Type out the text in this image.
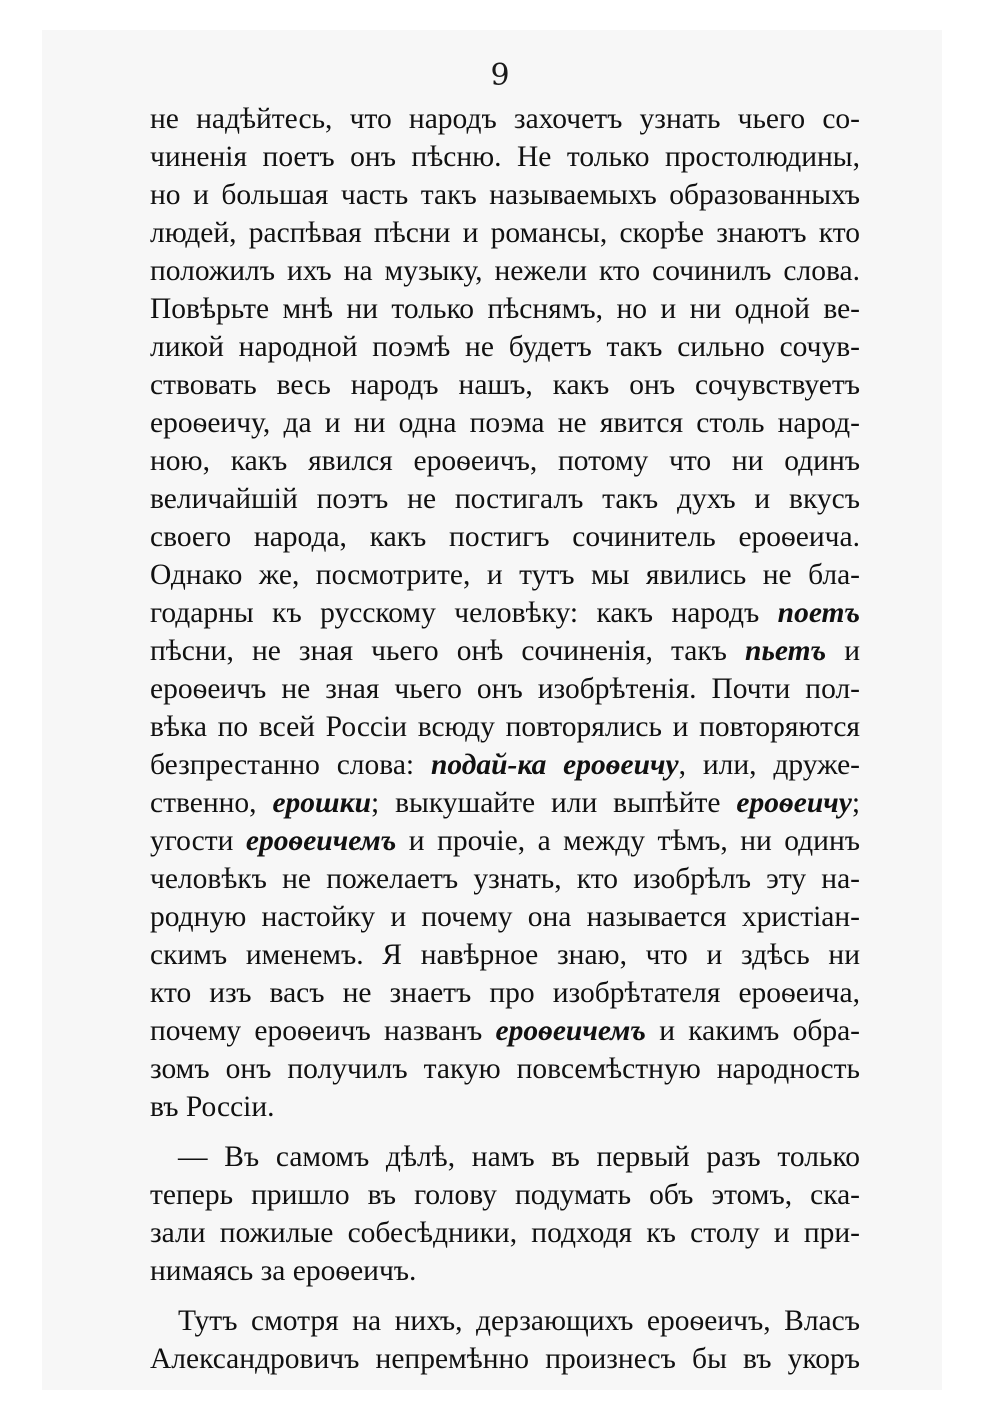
9
не надѣйтесь, что народъ захочетъ узнать чьего со-
чиненія поетъ онъ пѣсню. Не только простолюдины,
но и большая часть такъ называемыхъ образованныхъ
людей, распѣвая пѣсни и романсы, скорѣе знаютъ кто
положилъ ихъ на музыку, нежели кто сочинилъ слова.
Повѣрьте мнѣ ни только пѣснямъ, но и ни одной ве-
ликой народной поэмѣ не будетъ такъ сильно сочув-
ствовать весь народъ нашъ, какъ онъ сочувствуетъ
ероѳеичу, да и ни одна поэма не явится столь народ-
ною, какъ явился ероѳеичъ, потому что ни одинъ
величайшій поэтъ не постигалъ такъ духъ и вкусъ
своего народа, какъ постигъ сочинитель ероѳеича.
Однако же, посмотрите, и тутъ мы явились не бла-
годарны къ русскому человѣку: какъ народъ поетъ
пѣсни, не зная чьего онѣ сочиненія, такъ пьетъ и
ероѳеичъ не зная чьего онъ изобрѣтенія. Почти пол-
вѣка по всей Россіи всюду повторялись и повторяются
безпрестанно слова: подай-ка ероѳеичу, или, друже-
ственно, ерошки; выкушайте или выпѣйте ероѳеичу;
угости ероѳеичемъ и прочіе, а между тѣмъ, ни одинъ
человѣкъ не пожелаетъ узнать, кто изобрѣлъ эту на-
родную настойку и почему она называется христіан-
скимъ именемъ. Я навѣрное знаю, что и здѣсь ни
кто изъ васъ не знаетъ про изобрѣтателя ероѳеича,
почему ероѳеичъ названъ ероѳеичемъ и какимъ обра-
зомъ онъ получилъ такую повсемѣстную народность
въ Россіи.
— Въ самомъ дѣлѣ, намъ въ первый разъ только
теперь пришло въ голову подумать объ этомъ, ска-
зали пожилые собесѣдники, подходя къ столу и при-
нимаясь за ероѳеичъ.
Тутъ смотря на нихъ, дерзающихъ ероѳеичъ, Власъ
Александровичъ непремѣнно произнесъ бы въ укоръ
